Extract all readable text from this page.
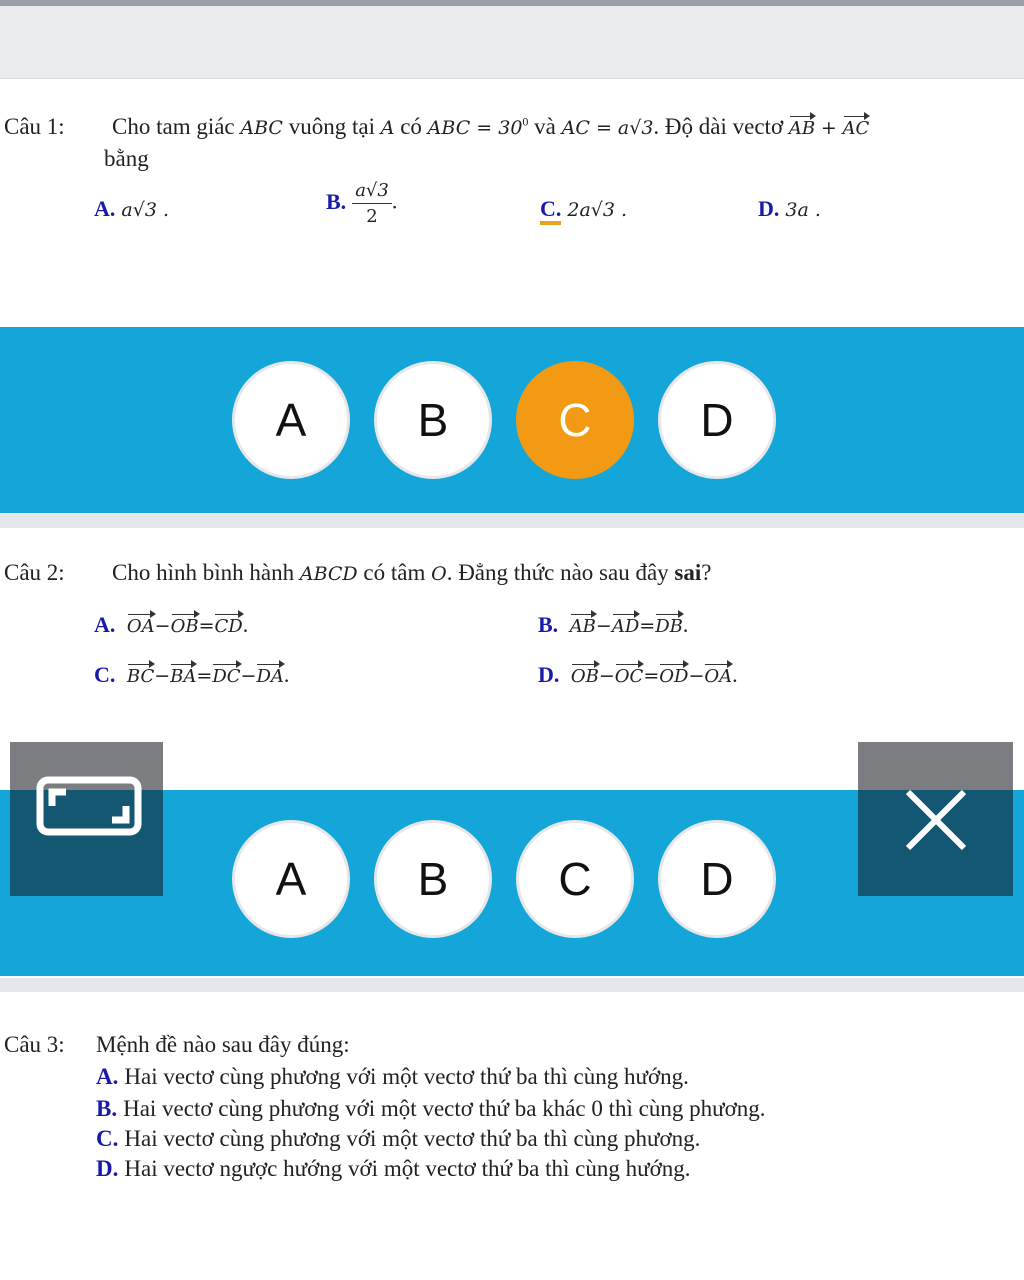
Câu 1: Cho tam giác ABC vuông tại A có ABC = $30^0$ và AC = a√3. Độ dài vectơ AB + AC
bằng
A. a√3 .	B. $\frac{a√3}{2}$ .	C. 2a√3 .	D. 3a .
A	B	C	D
Câu 2: Cho hình bình hành ABCD có tâm O. Đẳng thức nào sau đây sai?
A. OA−OB=CD.	B. AB−AD=DB.
C. BC−BA=DC−DA.	D. OB−OC=OD−OA.
A	B	C	D
Câu 3: Mệnh đề nào sau đây đúng:
A. Hai vectơ cùng phương với một vectơ thứ ba thì cùng hướng.
B. Hai vectơ cùng phương với một vectơ thứ ba khác 0 thì cùng phương.
C. Hai vectơ cùng phương với một vectơ thứ ba thì cùng phương.
D. Hai vectơ ngược hướng với một vectơ thứ ba thì cùng hướng.
